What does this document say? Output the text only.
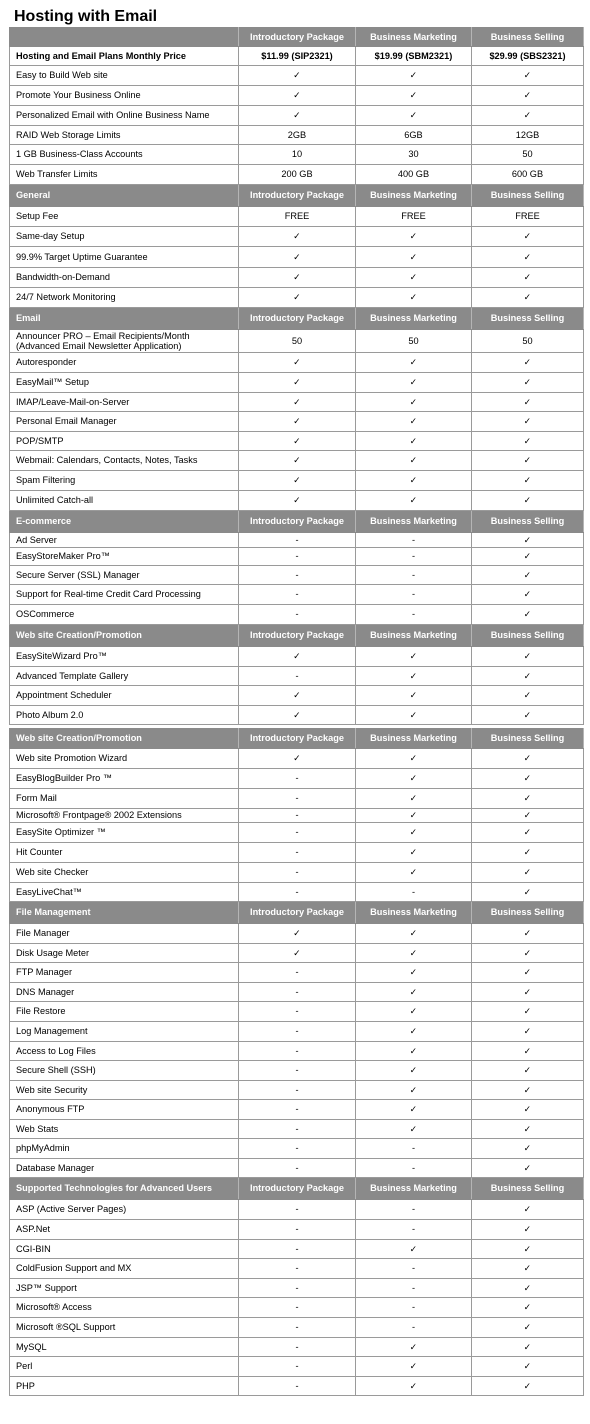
Hosting with Email
	Introductory Package	Business Marketing	Business Selling
Hosting and Email Plans Monthly Price	$11.99 (SIP2321)	$19.99 (SBM2321)	$29.99 (SBS2321)
Easy to Build Web site	✓	✓	✓
Promote Your Business Online	✓	✓	✓
Personalized Email with Online Business Name	✓	✓	✓
RAID Web Storage Limits	2GB	6GB	12GB
1 GB Business-Class Accounts	10	30	50
Web Transfer Limits	200 GB	400 GB	600 GB
General	Introductory Package	Business Marketing	Business Selling
Setup Fee	FREE	FREE	FREE
Same-day Setup	✓	✓	✓
99.9% Target Uptime Guarantee	✓	✓	✓
Bandwidth-on-Demand	✓	✓	✓
24/7 Network Monitoring	✓	✓	✓
Email	Introductory Package	Business Marketing	Business Selling
Announcer PRO – Email Recipients/Month (Advanced Email Newsletter Application)	50	50	50
Autoresponder	✓	✓	✓
EasyMail™ Setup	✓	✓	✓
IMAP/Leave-Mail-on-Server	✓	✓	✓
Personal Email Manager	✓	✓	✓
POP/SMTP	✓	✓	✓
Webmail: Calendars, Contacts, Notes, Tasks	✓	✓	✓
Spam Filtering	✓	✓	✓
Unlimited Catch-all	✓	✓	✓
E-commerce	Introductory Package	Business Marketing	Business Selling
Ad Server	-	-	✓
EasyStoreMaker Pro™	-	-	✓
Secure Server (SSL) Manager	-	-	✓
Support for Real-time Credit Card Processing	-	-	✓
OSCommerce	-	-	✓
Web site Creation/Promotion	Introductory Package	Business Marketing	Business Selling
EasySiteWizard Pro™	✓	✓	✓
Advanced Template Gallery	-	✓	✓
Appointment Scheduler	✓	✓	✓
Photo Album 2.0	✓	✓	✓

Web site Creation/Promotion	Introductory Package	Business Marketing	Business Selling
Web site Promotion Wizard	✓	✓	✓
EasyBlogBuilder Pro ™	-	✓	✓
Form Mail	-	✓	✓
Microsoft® Frontpage® 2002 Extensions	-	✓	✓
EasySite Optimizer ™	-	✓	✓
Hit Counter	-	✓	✓
Web site Checker	-	✓	✓
EasyLiveChat™	-	-	✓
File Management	Introductory Package	Business Marketing	Business Selling
File Manager	✓	✓	✓
Disk Usage Meter	✓	✓	✓
FTP Manager	-	✓	✓
DNS Manager	-	✓	✓
File Restore	-	✓	✓
Log Management	-	✓	✓
Access to Log Files	-	✓	✓
Secure Shell (SSH)	-	✓	✓
Web site Security	-	✓	✓
Anonymous FTP	-	✓	✓
Web Stats	-	✓	✓
phpMyAdmin	-	-	✓
Database Manager	-	-	✓
Supported Technologies for Advanced Users	Introductory Package	Business Marketing	Business Selling
ASP (Active Server Pages)	-	-	✓
ASP.Net	-	-	✓
CGI-BIN	-	✓	✓
ColdFusion Support and MX	-	-	✓
JSP™ Support	-	-	✓
Microsoft® Access	-	-	✓
Microsoft ®SQL Support	-	-	✓
MySQL	-	✓	✓
Perl	-	✓	✓
PHP	-	✓	✓
